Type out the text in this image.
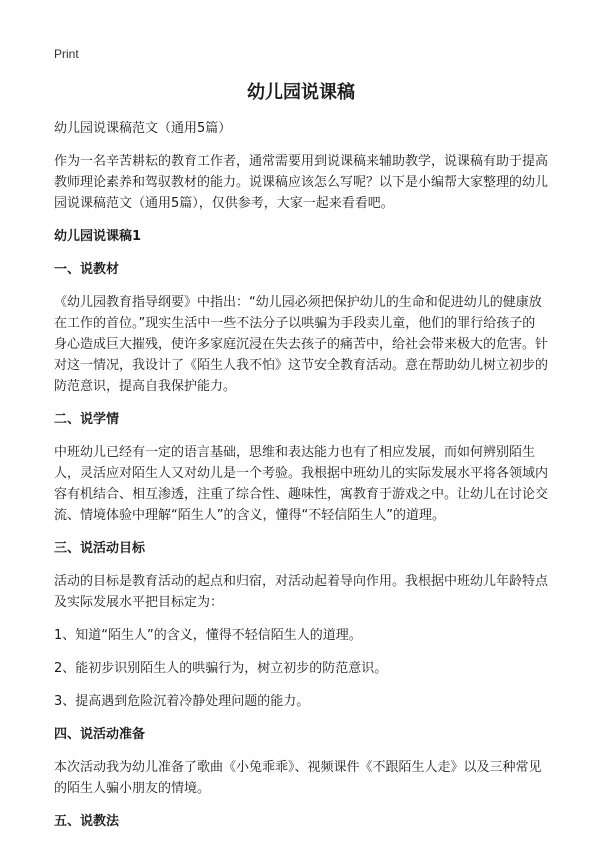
Print
幼儿园说课稿
幼儿园说课稿范文（通用5篇）
作为一名辛苦耕耘的教育工作者，通常需要用到说课稿来辅助教学，说课稿有助于提高教师理论素养和驾驭教材的能力。说课稿应该怎么写呢？以下是小编帮大家整理的幼儿园说课稿范文（通用5篇），仅供参考，大家一起来看看吧。
幼儿园说课稿1
一、说教材
《幼儿园教育指导纲要》中指出：“幼儿园必须把保护幼儿的生命和促进幼儿的健康放在工作的首位。”现实生活中一些不法分子以哄骗为手段卖儿童，他们的罪行给孩子的身心造成巨大摧残，使许多家庭沉浸在失去孩子的痛苦中，给社会带来极大的危害。针对这一情况，我设计了《陌生人我不怕》这节安全教育活动。意在帮助幼儿树立初步的防范意识，提高自我保护能力。
二、说学情
中班幼儿已经有一定的语言基础，思维和表达能力也有了相应发展，而如何辨别陌生人，灵活应对陌生人又对幼儿是一个考验。我根据中班幼儿的实际发展水平将各领域内容有机结合、相互渗透，注重了综合性、趣味性，寓教育于游戏之中。让幼儿在讨论交流、情境体验中理解“陌生人”的含义，懂得“不轻信陌生人”的道理。
三、说活动目标
活动的目标是教育活动的起点和归宿，对活动起着导向作用。我根据中班幼儿年龄特点及实际发展水平把目标定为：
1、知道“陌生人”的含义，懂得不轻信陌生人的道理。
2、能初步识别陌生人的哄骗行为，树立初步的防范意识。
3、提高遇到危险沉着冷静处理问题的能力。
四、说活动准备
本次活动我为幼儿准备了歌曲《小兔乖乖》、视频课件《不跟陌生人走》以及三种常见的陌生人骗小朋友的情境。
五、说教法
